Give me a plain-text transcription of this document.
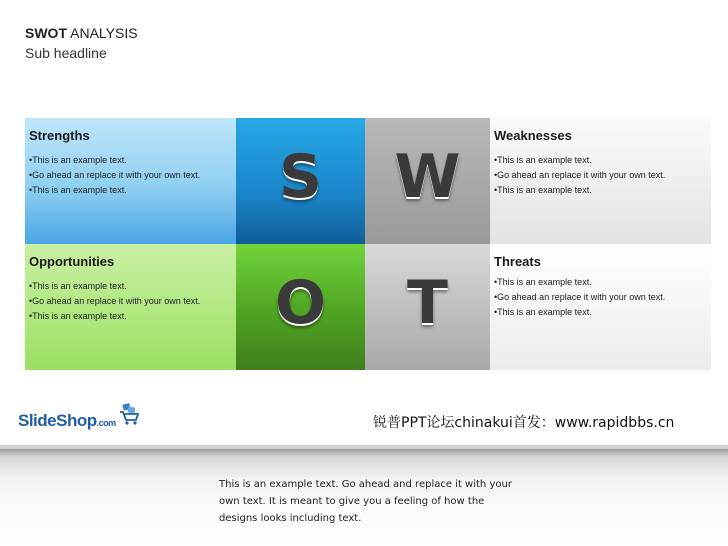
SWOT ANALYSIS
Sub headline
Strengths
•This is an example text.
•Go ahead an replace it with your own text.
•This is an example text.	S	W
Weaknesses
•This is an example text.
•Go ahead an replace it with your own text.
•This is an example text.
Opportunities
•This is an example text.
•Go ahead an replace it with your own text.
•This is an example text.	O	T
Threats
•This is an example text.
•Go ahead an replace it with your own text.
•This is an example text.
SlideShop.com	锐普PPT论坛chinakui首发：www.rapidbbs.cn
This is an example text. Go ahead and replace it with your own text. It is meant to give you a feeling of how the designs looks including text.
